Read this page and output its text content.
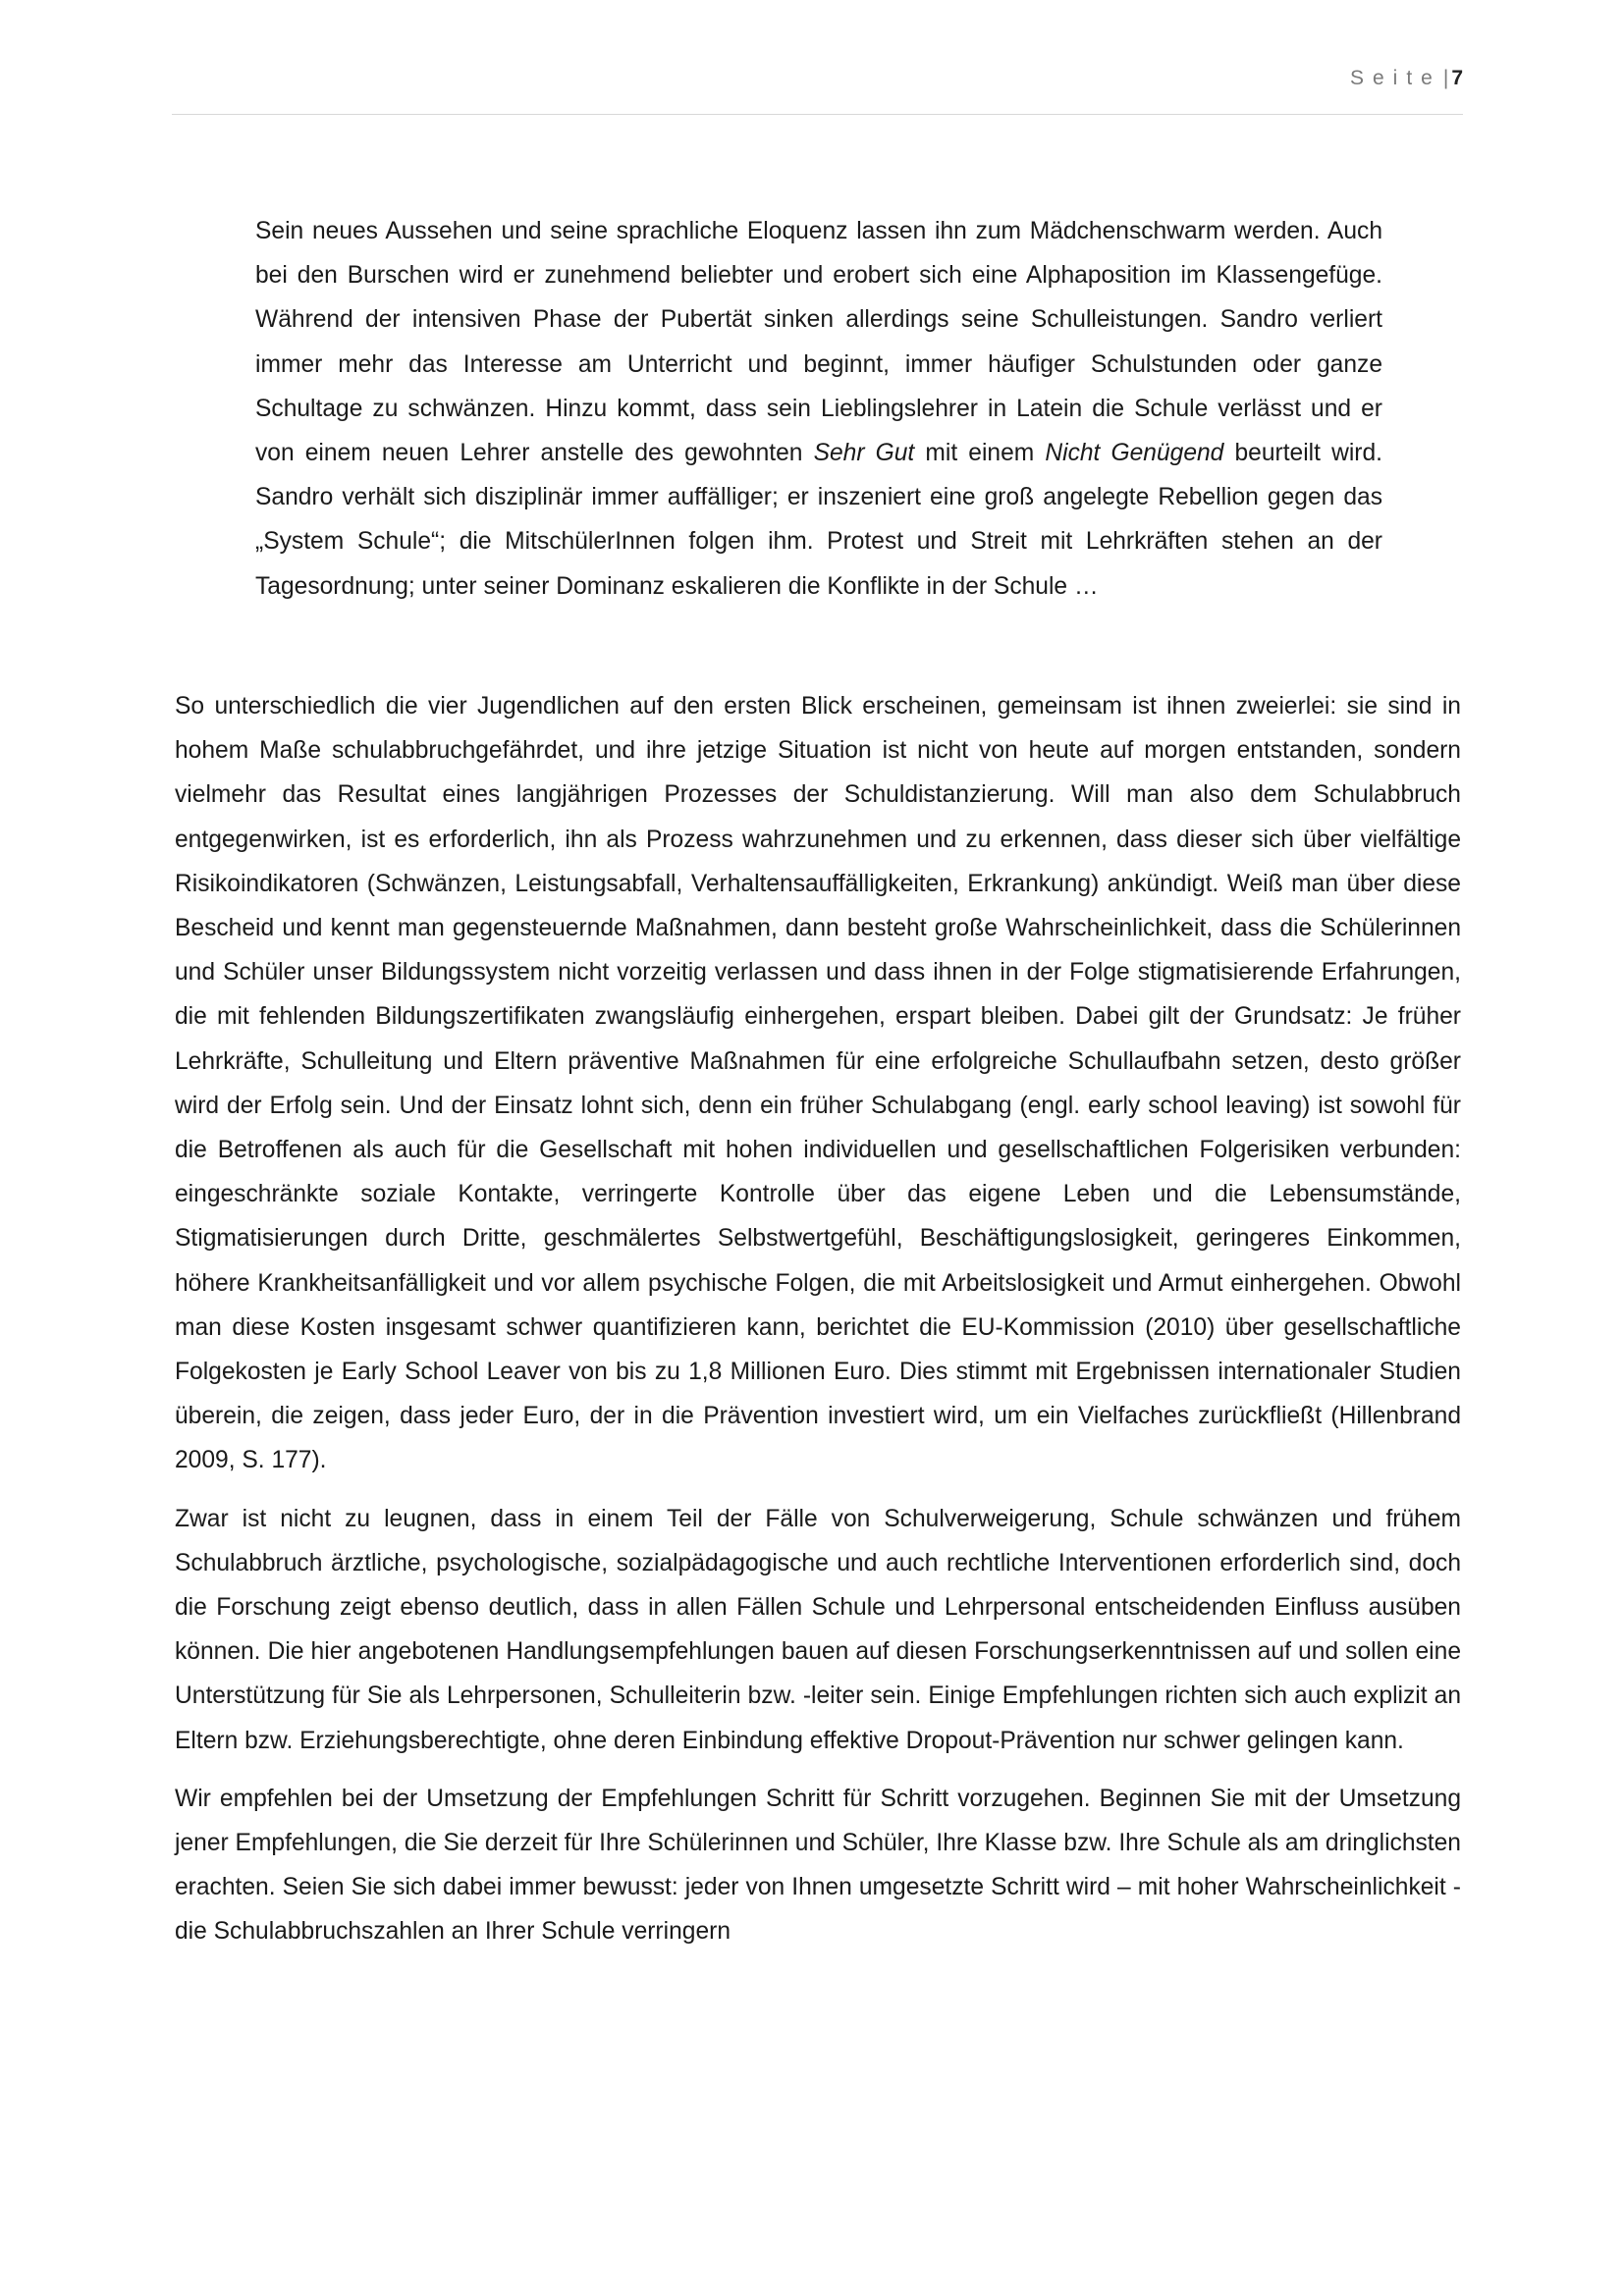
Seite| 7

Sein neues Aussehen und seine sprachliche Eloquenz lassen ihn zum Mädchenschwarm werden. Auch bei den Burschen wird er zunehmend beliebter und erobert sich eine Alphaposition im Klassengefüge. Während der intensiven Phase der Pubertät sinken allerdings seine Schulleistungen. Sandro verliert immer mehr das Interesse am Unterricht und beginnt, immer häufiger Schulstunden oder ganze Schultage zu schwänzen. Hinzu kommt, dass sein Lieblingslehrer in Latein die Schule verlässt und er von einem neuen Lehrer anstelle des gewohnten Sehr Gut mit einem Nicht Genügend beurteilt wird. Sandro verhält sich disziplinär immer auffälliger; er inszeniert eine groß angelegte Rebellion gegen das „System Schule“; die MitschülerInnen folgen ihm. Protest und Streit mit Lehrkräften stehen an der Tagesordnung; unter seiner Dominanz eskalieren die Konflikte in der Schule …

So unterschiedlich die vier Jugendlichen auf den ersten Blick erscheinen, gemeinsam ist ihnen zweierlei: sie sind in hohem Maße schulabbruchgefährdet, und ihre jetzige Situation ist nicht von heute auf morgen entstanden, sondern vielmehr das Resultat eines langjährigen Prozesses der Schuldistanzierung. Will man also dem Schulabbruch entgegenwirken, ist es erforderlich, ihn als Prozess wahrzunehmen und zu erkennen, dass dieser sich über vielfältige Risikoindikatoren (Schwänzen, Leistungsabfall, Verhaltensauffälligkeiten, Erkrankung) ankündigt. Weiß man über diese Bescheid und kennt man gegensteuernde Maßnahmen, dann besteht große Wahrscheinlichkeit, dass die Schülerinnen und Schüler unser Bildungssystem nicht vorzeitig verlassen und dass ihnen in der Folge stigmatisierende Erfahrungen, die mit fehlenden Bildungszertifikaten zwangsläufig einhergehen, erspart bleiben. Dabei gilt der Grundsatz: Je früher Lehrkräfte, Schulleitung und Eltern präventive Maßnahmen für eine erfolgreiche Schullaufbahn setzen, desto größer wird der Erfolg sein. Und der Einsatz lohnt sich, denn ein früher Schulabgang (engl. early school leaving) ist sowohl für die Betroffenen als auch für die Gesellschaft mit hohen individuellen und gesellschaftlichen Folgerisiken verbunden: eingeschränkte soziale Kontakte, verringerte Kontrolle über das eigene Leben und die Lebensumstände, Stigmatisierungen durch Dritte, geschmälertes Selbstwertgefühl, Beschäftigungslosigkeit, geringeres Einkommen, höhere Krankheitsanfälligkeit und vor allem psychische Folgen, die mit Arbeitslosigkeit und Armut einhergehen. Obwohl man diese Kosten insgesamt schwer quantifizieren kann, berichtet die EU-Kommission (2010) über gesellschaftliche Folgekosten je Early School Leaver von bis zu 1,8 Millionen Euro. Dies stimmt mit Ergebnissen internationaler Studien überein, die zeigen, dass jeder Euro, der in die Prävention investiert wird, um ein Vielfaches zurückfließt (Hillenbrand 2009, S. 177).

Zwar ist nicht zu leugnen, dass in einem Teil der Fälle von Schulverweigerung, Schule schwänzen und frühem Schulabbruch ärztliche, psychologische, sozialpädagogische und auch rechtliche Interventionen erforderlich sind, doch die Forschung zeigt ebenso deutlich, dass in allen Fällen Schule und Lehrpersonal entscheidenden Einfluss ausüben können. Die hier angebotenen Handlungsempfehlungen bauen auf diesen Forschungserkenntnissen auf und sollen eine Unterstützung für Sie als Lehrpersonen, Schulleiterin bzw. -leiter sein. Einige Empfehlungen richten sich auch explizit an Eltern bzw. Erziehungsberechtigte, ohne deren Einbindung effektive Dropout-Prävention nur schwer gelingen kann.

Wir empfehlen bei der Umsetzung der Empfehlungen Schritt für Schritt vorzugehen. Beginnen Sie mit der Umsetzung jener Empfehlungen, die Sie derzeit für Ihre Schülerinnen und Schüler, Ihre Klasse bzw. Ihre Schule als am dringlichsten erachten. Seien Sie sich dabei immer bewusst: jeder von Ihnen umgesetzte Schritt wird – mit hoher Wahrscheinlichkeit - die Schulabbruchszahlen an Ihrer Schule verringern
